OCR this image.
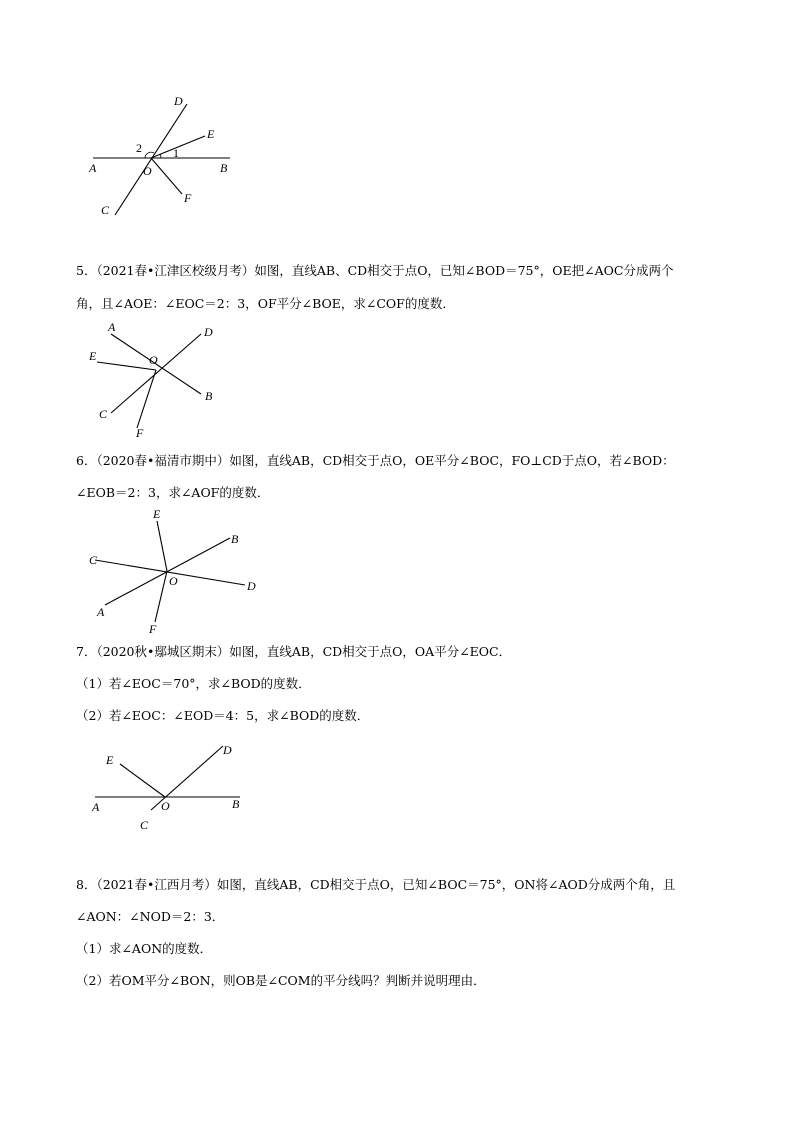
D
E
2	1
A	O	B
F
C
5．（2021春•江津区校级月考）如图，直线AB、CD相交于点O，已知∠BOD＝75°，OE把∠AOC分成两个
角，且∠AOE：∠EOC＝2：3，OF平分∠BOE，求∠COF的度数．
A	D
E	O
B
C
F
6．（2020春•福清市期中）如图，直线AB，CD相交于点O，OE平分∠BOC，FO⊥CD于点O，若∠BOD：
∠EOB＝2：3，求∠AOF的度数．
E
B
C
O	D
A
F
7．（2020秋•鄢城区期末）如图，直线AB，CD相交于点O，OA平分∠EOC．
（1）若∠EOC＝70°，求∠BOD的度数．
（2）若∠EOC：∠EOD＝4：5，求∠BOD的度数．
D
E
A	O	B
C
8．（2021春•江西月考）如图，直线AB，CD相交于点O，已知∠BOC＝75°，ON将∠AOD分成两个角，且
∠AON：∠NOD＝2：3．
（1）求∠AON的度数．
（2）若OM平分∠BON，则OB是∠COM的平分线吗？判断并说明理由．
